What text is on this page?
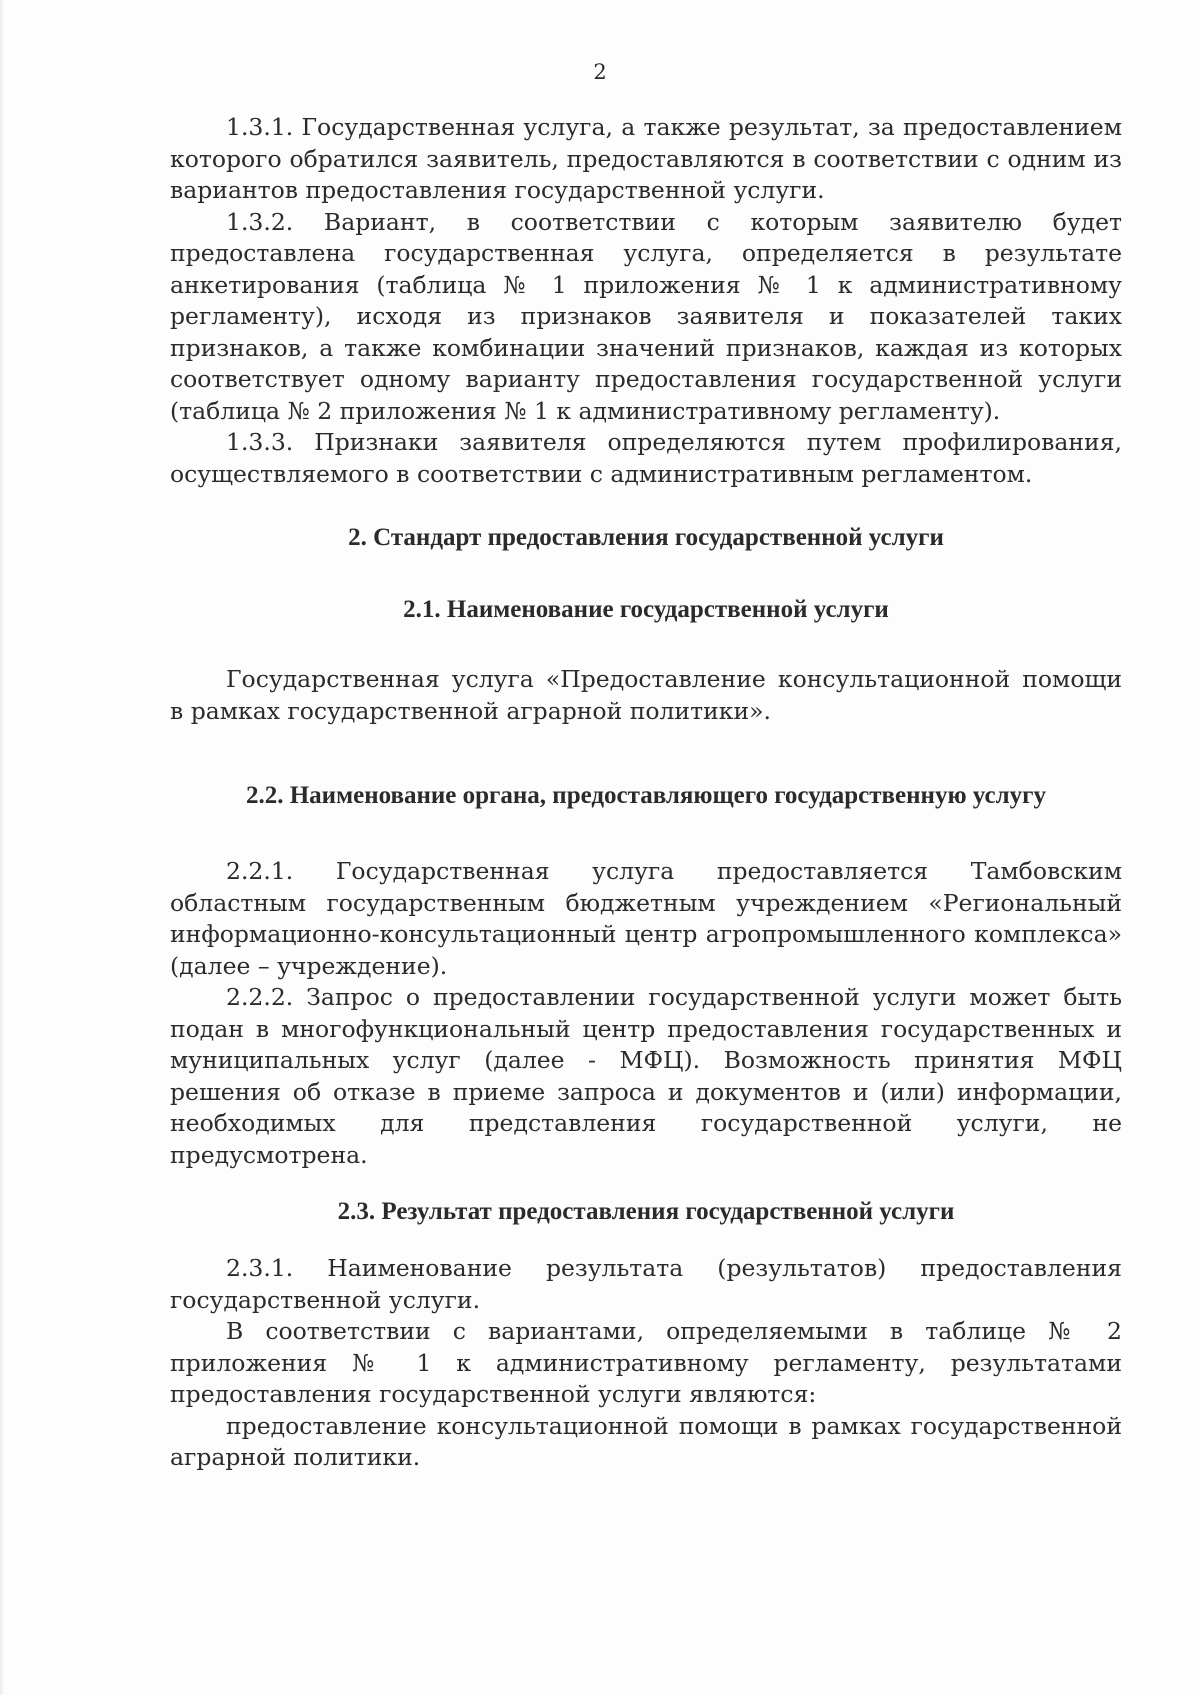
2

1.3.1. Государственная услуга, а также результат, за предоставлением которого обратился заявитель, предоставляются в соответствии с одним из вариантов предоставления государственной услуги.

1.3.2. Вариант, в соответствии с которым заявителю будет предоставлена государственная услуга, определяется в результате анкетирования (таблица № 1 приложения № 1 к административному регламенту), исходя из признаков заявителя и показателей таких признаков, а также комбинации значений признаков, каждая из которых соответствует одному варианту предоставления государственной услуги (таблица № 2 приложения № 1 к административному регламенту).

1.3.3. Признаки заявителя определяются путем профилирования, осуществляемого в соответствии с административным регламентом.

2. Стандарт предоставления государственной услуги
2.1. Наименование государственной услуги

Государственная услуга «Предоставление консультационной помощи в рамках государственной аграрной политики».

2.2. Наименование органа, предоставляющего государственную услугу

2.2.1. Государственная услуга предоставляется Тамбовским областным государственным бюджетным учреждением «Региональный информационно-консультационный центр агропромышленного комплекса» (далее – учреждение).

2.2.2. Запрос о предоставлении государственной услуги может быть подан в многофункциональный центр предоставления государственных и муниципальных услуг (далее - МФЦ). Возможность принятия МФЦ решения об отказе в приеме запроса и документов и (или) информации, необходимых для представления государственной услуги, не предусмотрена.

2.3. Результат предоставления государственной услуги

2.3.1. Наименование результата (результатов) предоставления государственной услуги.

В соответствии с вариантами, определяемыми в таблице № 2 приложения № 1 к административному регламенту, результатами предоставления государственной услуги являются:

предоставление консультационной помощи в рамках государственной аграрной политики.
